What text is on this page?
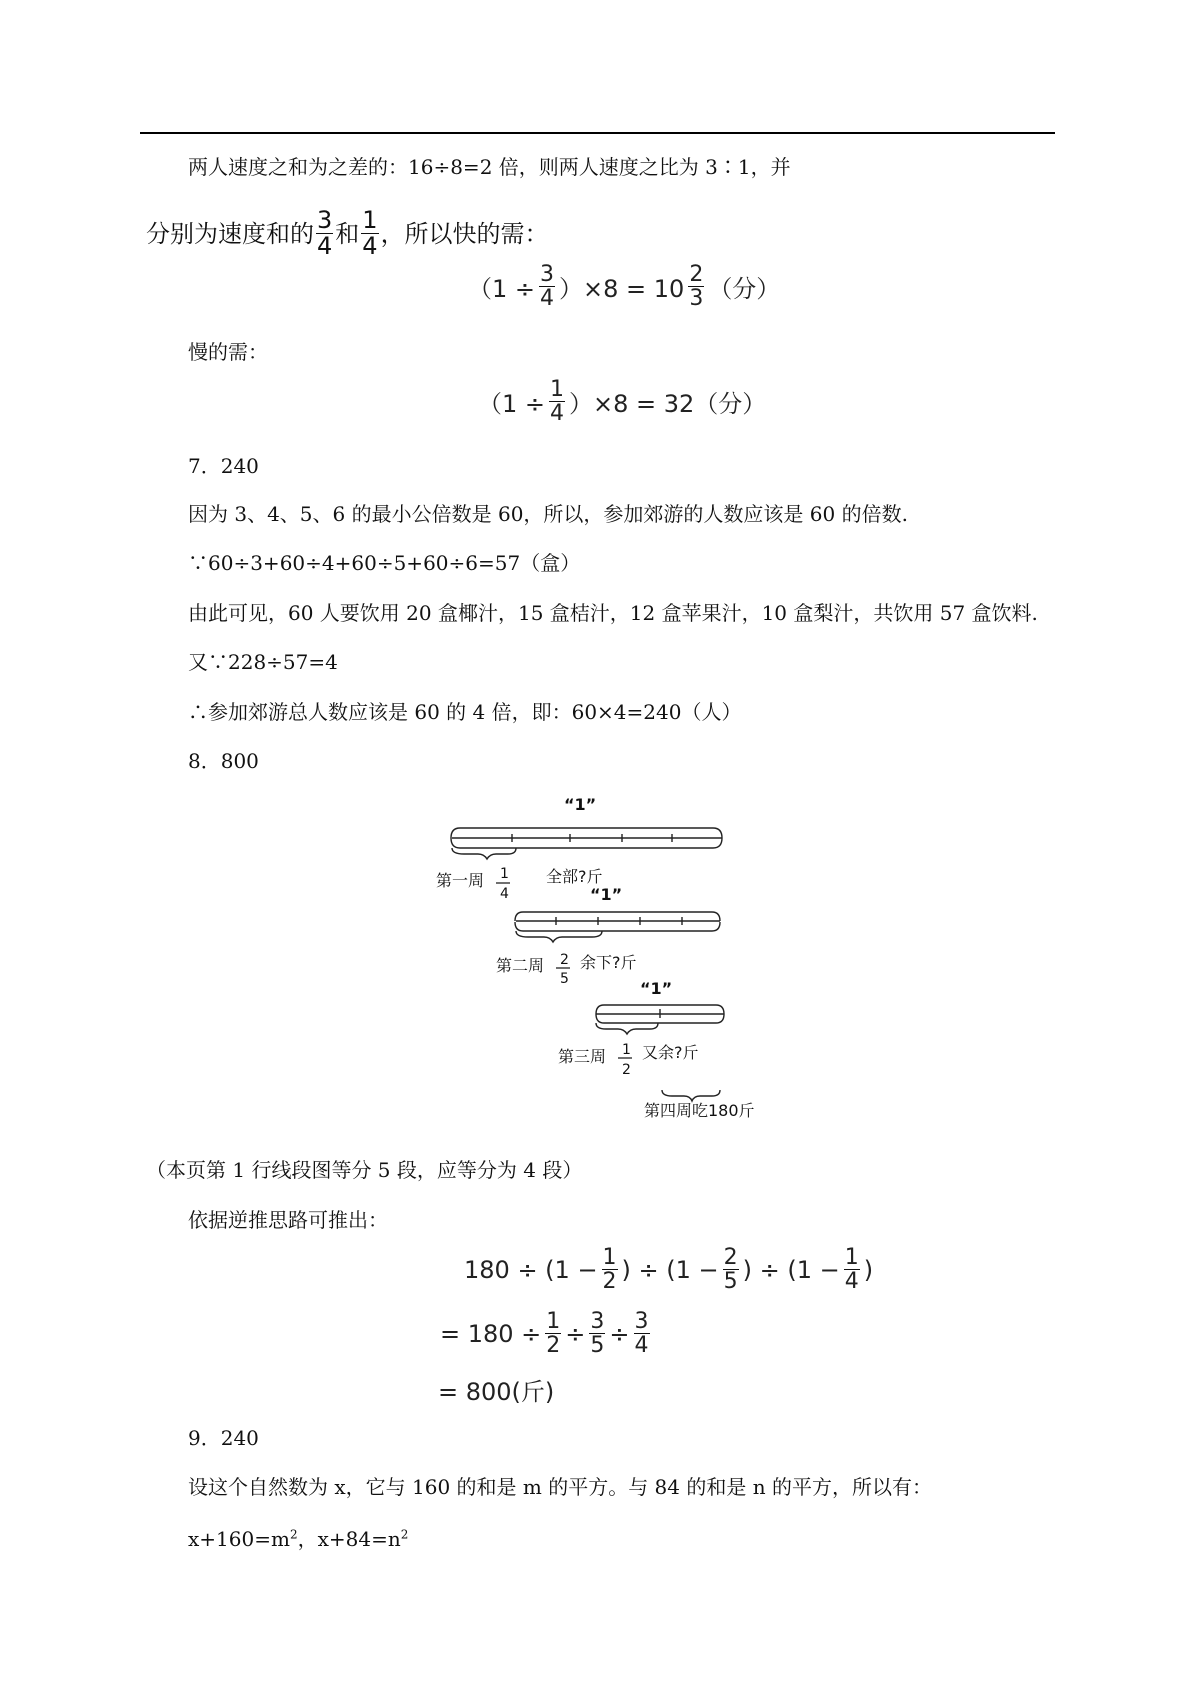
两人速度之和为之差的：16÷8=2 倍，则两人速度之比为 3∶1，并
分别为速度和的 $\frac{3}{4}$ 和 $\frac{1}{4}$ ，所以快的需：
$(1 \div \frac{3}{4} )\times 8 = 10 \frac{2}{3}$ （分）
慢的需：
$(1 \div \frac{1}{4} )\times 8 = 32$（分）
7．240
因为 3、4、5、6 的最小公倍数是 60，所以，参加郊游的人数应该是 60 的倍数.
∵60÷3+60÷4+60÷5+60÷6=57（盒）
由此可见，60 人要饮用 20 盒椰汁，15 盒桔汁，12 盒苹果汁，10 盒梨汁，共饮用 57 盒饮料.
又∵228÷57=4
∴参加郊游总人数应该是 60 的 4 倍，即：60×4=240（人）
8．800
“1”
第一周 1
4
全部?斤
“1”
第二周 2
5
余下?斤
“1”
第三周 1
2
又余?斤
第四周吃180斤
（本页第 1 行线段图等分 5 段，应等分为 4 段）
依据逆推思路可推出：
$180 \div (1 - \frac{1}{2}$ ) ÷ ($1 - \frac{2}{5}$ ) ÷ ($1 - \frac{1}{4}$ )
= $180 \div \frac{1}{2} \div \frac{3}{5} \div \frac{3}{4}$
= 800(斤)
9．240
设这个自然数为 x，它与 160 的和是 m 的平方。与 84 的和是 n 的平方，所以有：
$x+160=m^2$，$x+84=n^2$
